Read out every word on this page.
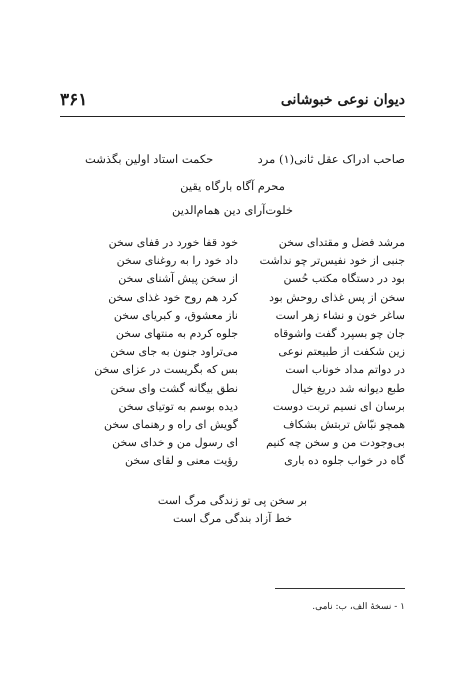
دیوان نوعی خبوشانی
۳۶۱
صاحب ادراک عقل ثانی(۱) مرد
حکمت استاد اولین بگذشت
محرم آگاه بارگاه یقین
خلوت‌آرای دین همام‌الدین
مرشد فضل و مقتدای سخن
خود قفا خورد در قفای سخن
جنبی از خود نفیس‌تر چو نداشت
داد خود را به روغنای سخن
بود در دستگاه مکتب حُسن
از سخن پیش آشنای سخن
سخن از پس غذای روحش بود
کرد هم روح خود غذای سخن
ساغر خون و نشاء زهر است
ناز معشوق، و کبریای سخن
جان چو بسپرد گفت واشوقاه
جلوه کردم به منتهای سخن
زین شکفت از طبیعتم نوعی
می‌تراود جنون به جای سخن
در دواتم مداد خوناب است
بس که بگریست در عزای سخن
طبع دیوانه شد دریغ خیال
نطق بیگانه گشت وای سخن
برسان ای نسیم تربت دوست
دیده بوسم به توتیای سخن
همچو نبّاش تربتش بشکاف
گویش ای راه و رهنمای سخن
بی‌وجودت من و سخن چه کنیم
ای رسول من و خدای سخن
گاه در خواب جلوه ده باری
رؤیت معنی و لقای سخن
بر سخن پی تو زندگی مرگ است
خط آزاد بندگی مرگ است
۱ - نسخهٔ الف، ب: نامی.
